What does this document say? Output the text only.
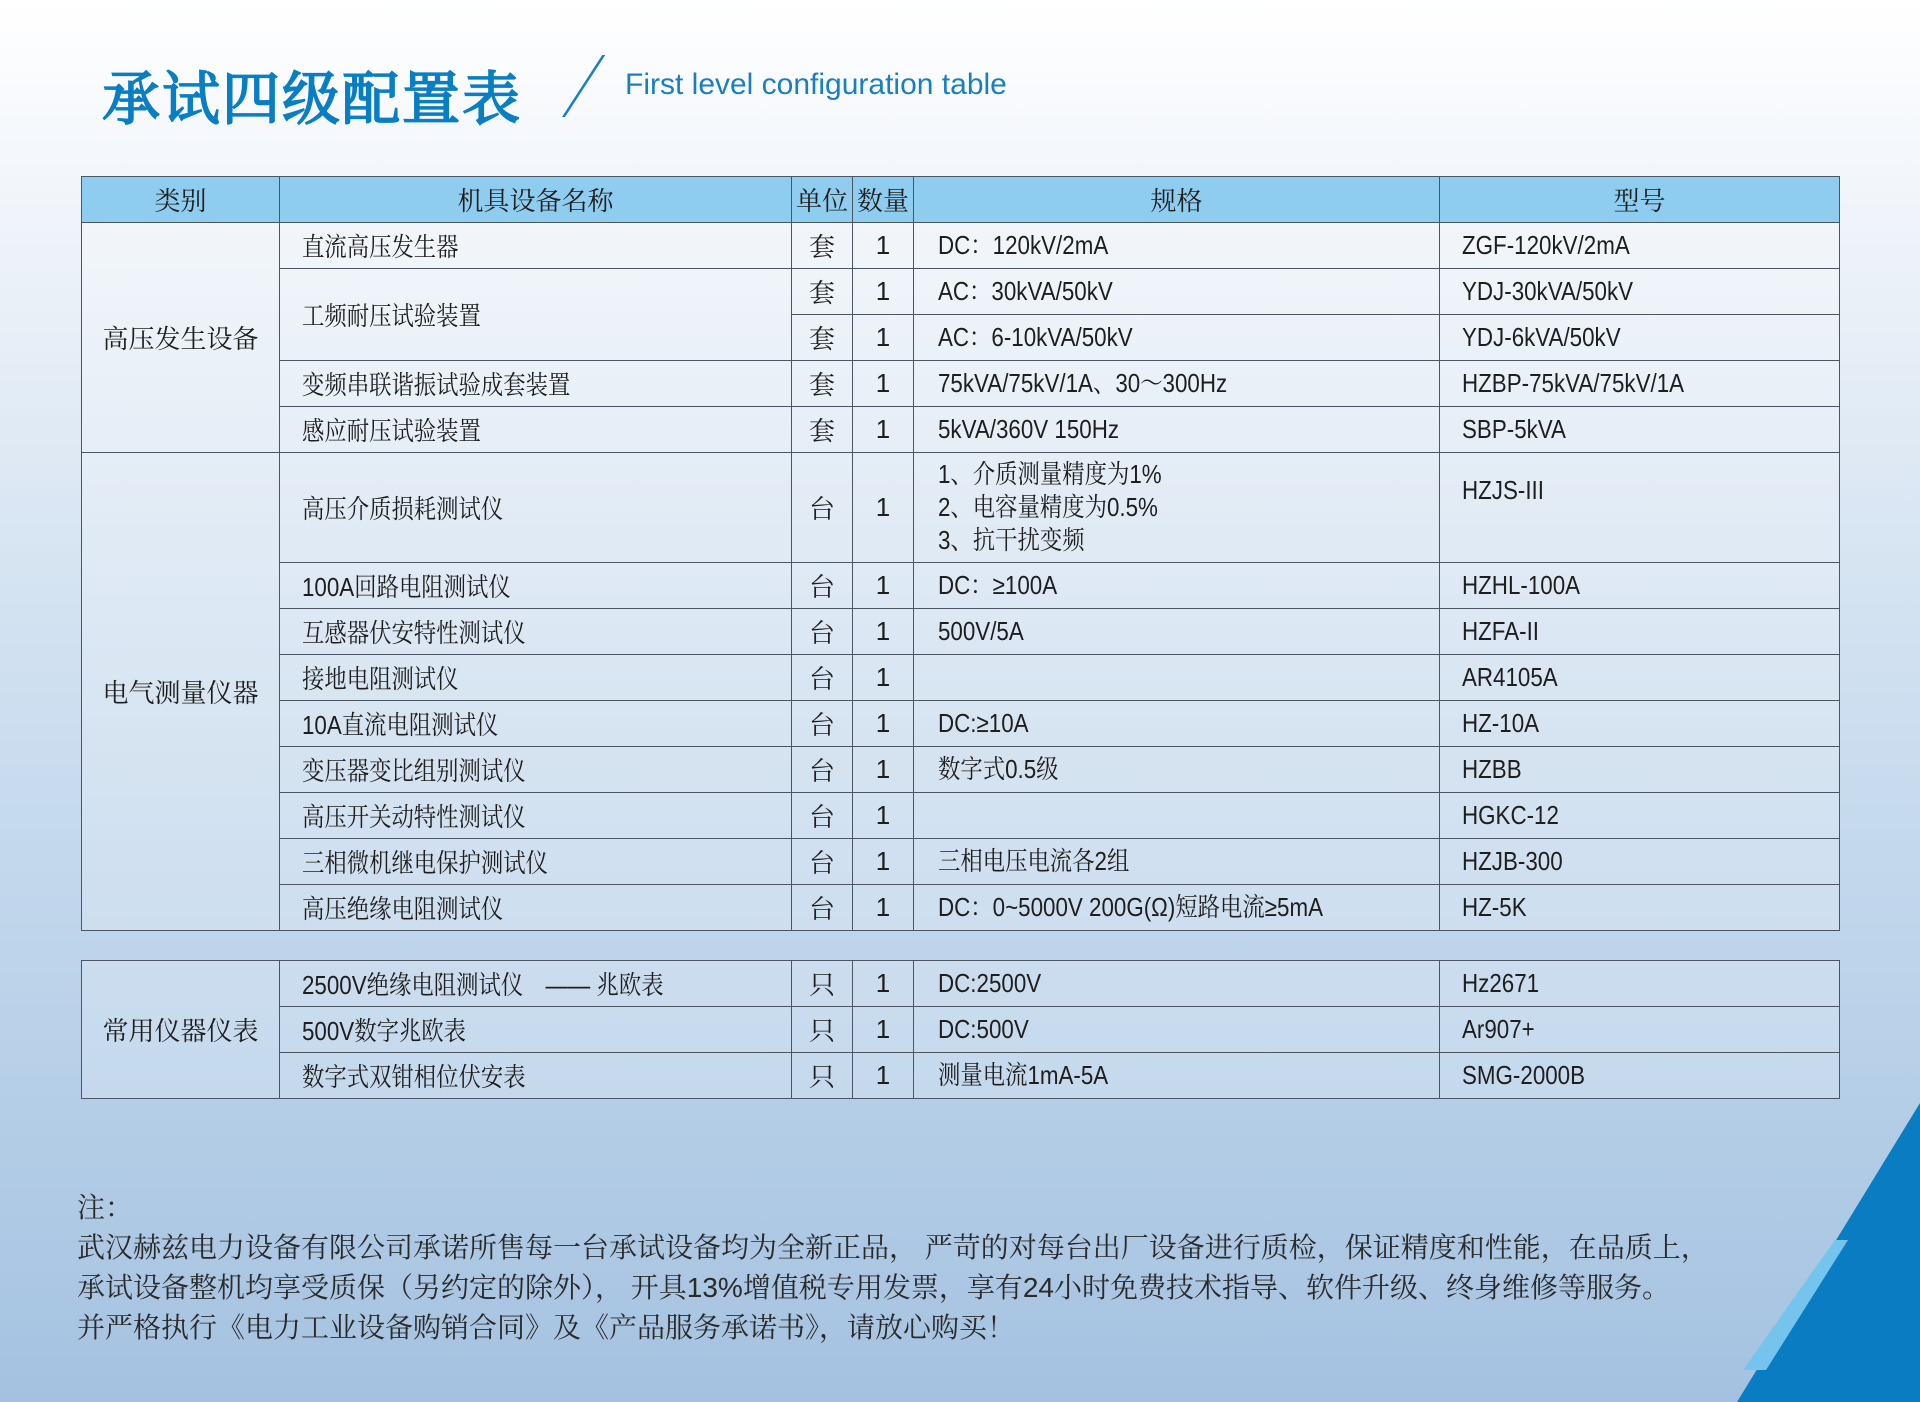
承试四级配置表	First level configuration table
类别	机具设备名称	单位	数量	规格	型号
高压发生设备	直流高压发生器	套	1	DC：120kV/2mA	ZGF-120kV/2mA
	工频耐压试验装置	套	1	AC：30kVA/50kV	YDJ-30kVA/50kV
		套	1	AC：6-10kVA/50kV	YDJ-6kVA/50kV
	变频串联谐振试验成套装置	套	1	75kVA/75kV/1A、30～300Hz	HZBP-75kVA/75kV/1A
	感应耐压试验装置	套	1	5kVA/360V 150Hz	SBP-5kVA
电气测量仪器	高压介质损耗测试仪	台	1	1、介质测量精度为1%
2、电容量精度为0.5%
3、抗干扰变频	HZJS-III
	100A回路电阻测试仪	台	1	DC：≥100A	HZHL-100A
	互感器伏安特性测试仪	台	1	500V/5A	HZFA-II
	接地电阻测试仪	台	1		AR4105A
	10A直流电阻测试仪	台	1	DC:≥10A	HZ-10A
	变压器变比组别测试仪	台	1	数字式0.5级	HZBB
	高压开关动特性测试仪	台	1		HGKC-12
	三相微机继电保护测试仪	台	1	三相电压电流各2组	HZJB-300
	高压绝缘电阻测试仪	台	1	DC：0~5000V 200G(Ω)短路电流≥5mA	HZ-5K
常用仪器仪表	2500V绝缘电阻测试仪　—— 兆欧表	只	1	DC:2500V	Hz2671
	500V数字兆欧表	只	1	DC:500V	Ar907+
	数字式双钳相位伏安表	只	1	测量电流1mA-5A	SMG-2000B
注：
武汉赫兹电力设备有限公司承诺所售每一台承试设备均为全新正品， 严苛的对每台出厂设备进行质检，保证精度和性能，在品质上，
承试设备整机均享受质保（另约定的除外）， 开具13%增值税专用发票，享有24小时免费技术指导、软件升级、终身维修等服务。
并严格执行《电力工业设备购销合同》及《产品服务承诺书》，请放心购买！
